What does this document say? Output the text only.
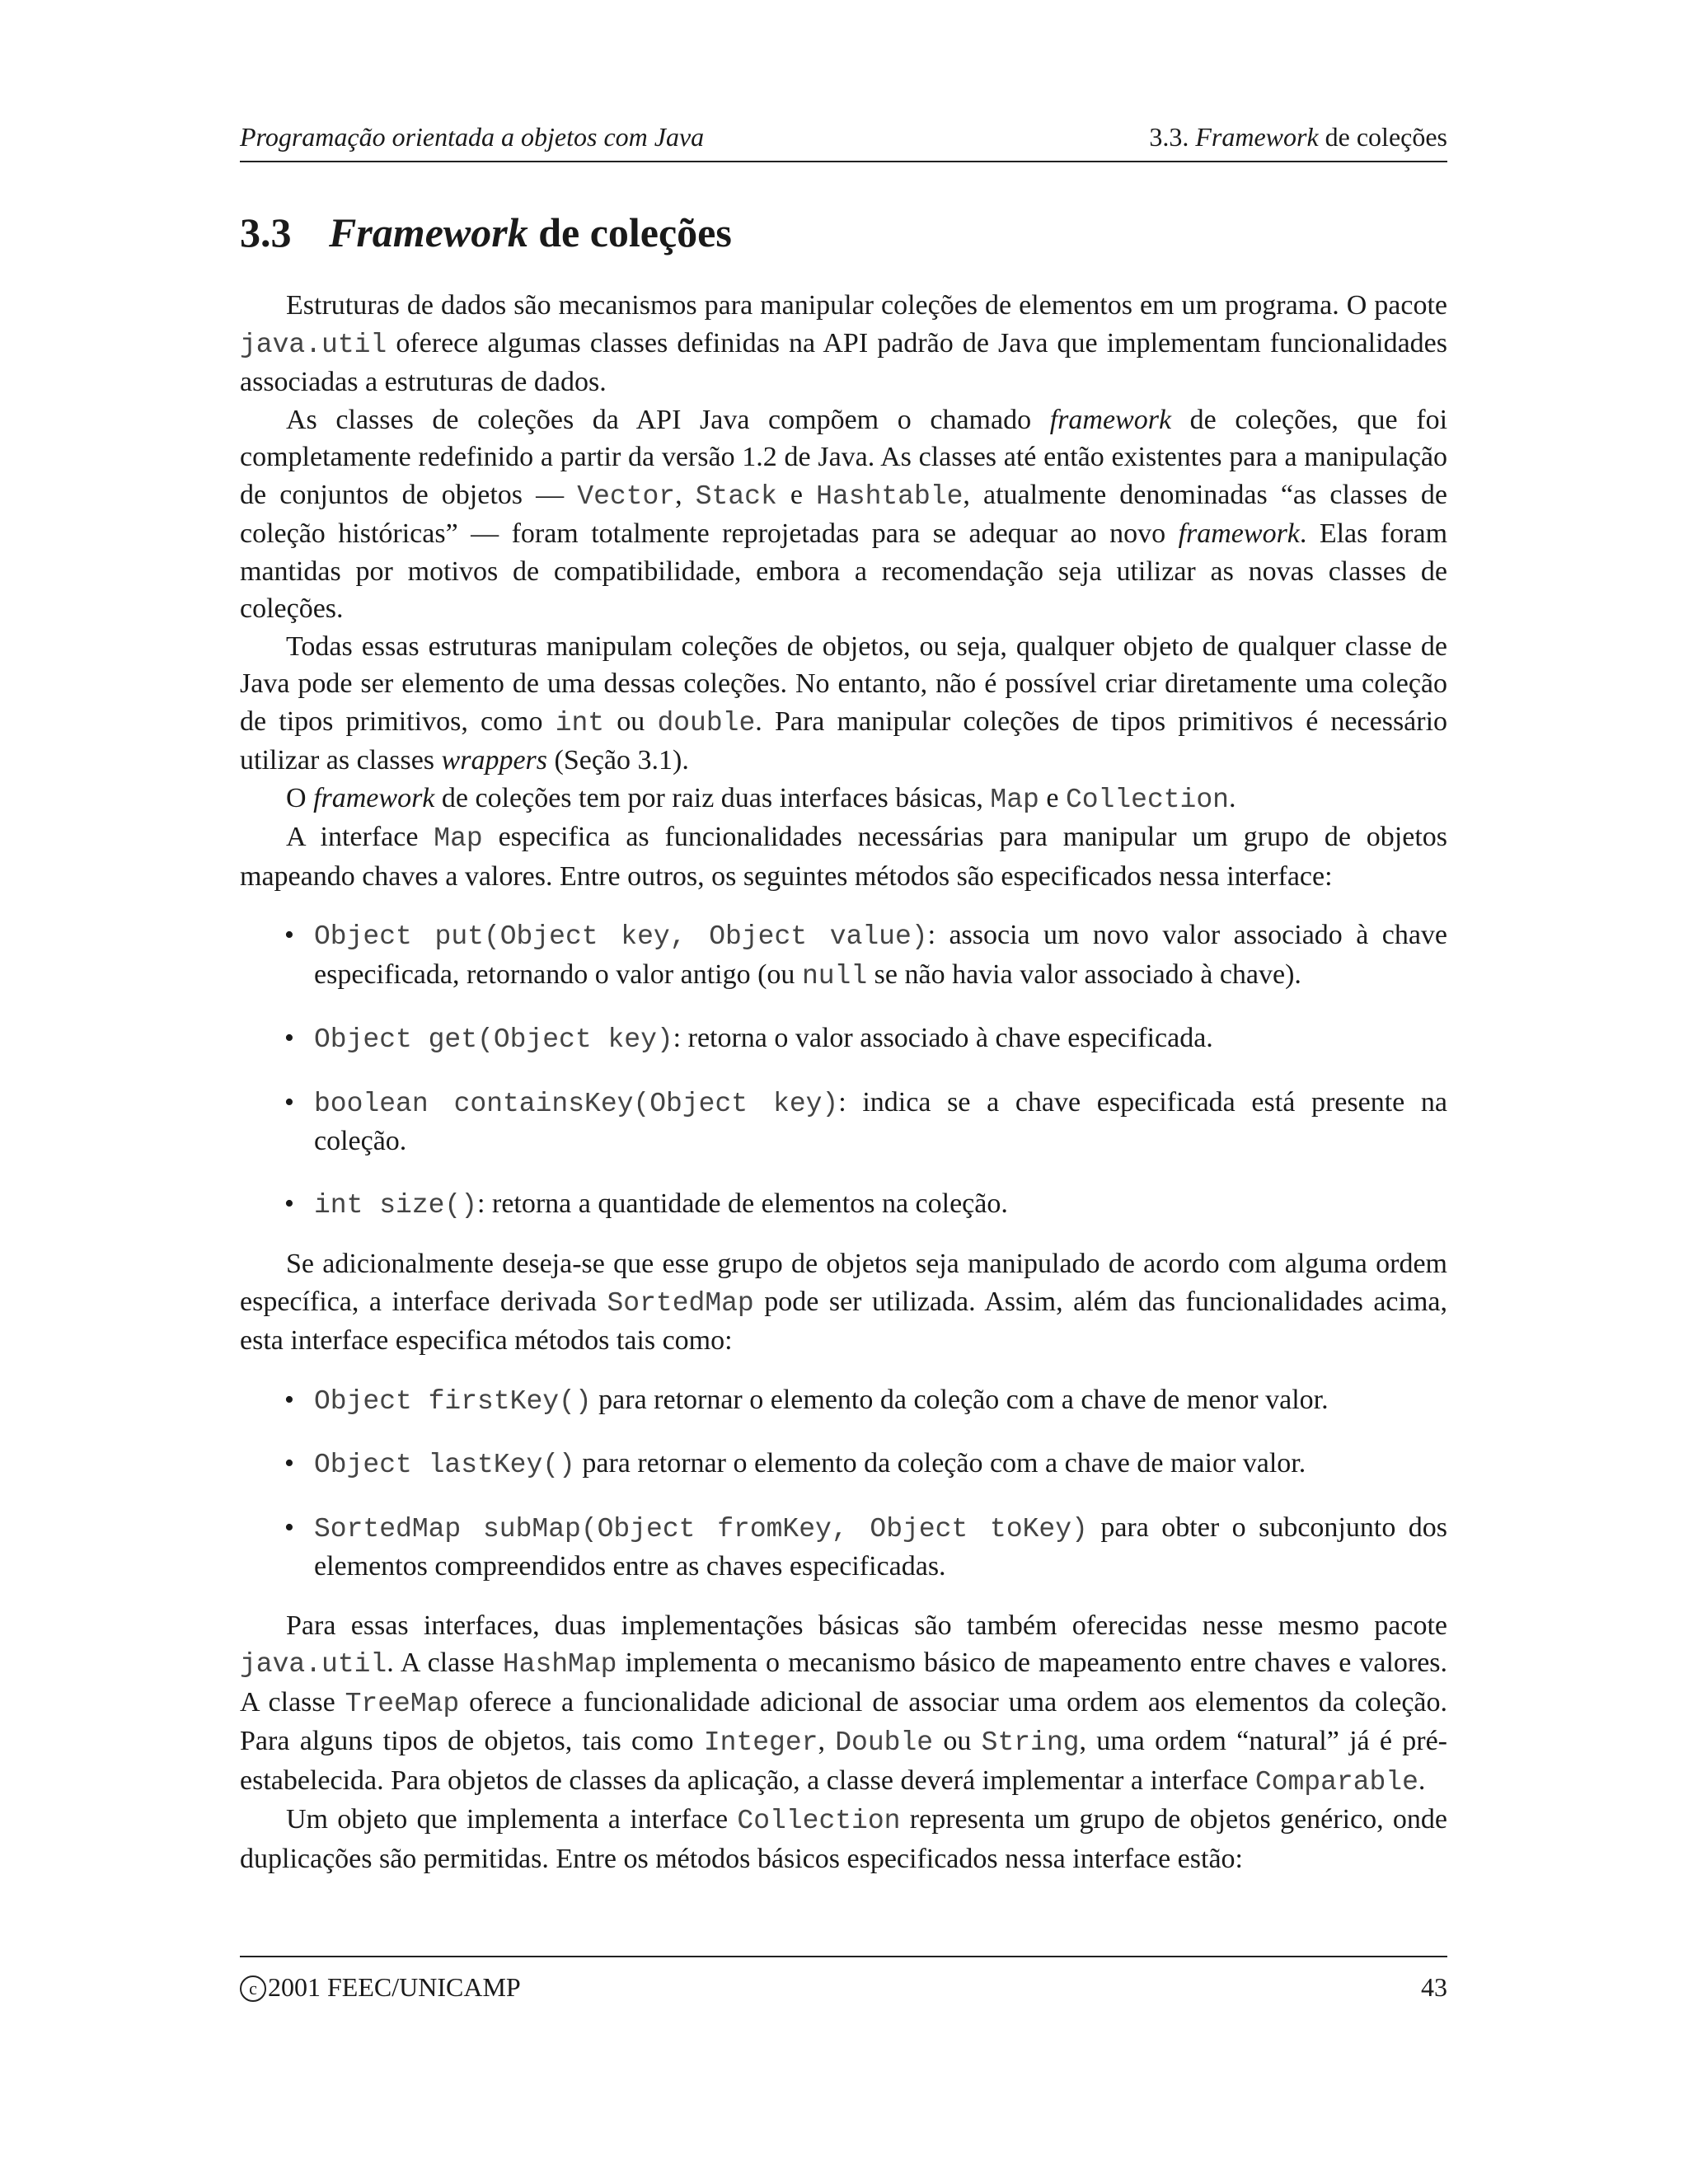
Programação orientada a objetos com Java	3.3. Framework de coleções
3.3 Framework de coleções

Estruturas de dados são mecanismos para manipular coleções de elementos em um programa. O pacote java.util oferece algumas classes definidas na API padrão de Java que implementam funcionalidades associadas a estruturas de dados.

As classes de coleções da API Java compõem o chamado framework de coleções, que foi completamente redefinido a partir da versão 1.2 de Java. As classes até então existentes para a manipulação de conjuntos de objetos — Vector, Stack e Hashtable, atualmente denominadas “as classes de coleção históricas” — foram totalmente reprojetadas para se adequar ao novo framework. Elas foram mantidas por motivos de compatibilidade, embora a recomendação seja utilizar as novas classes de coleções.

Todas essas estruturas manipulam coleções de objetos, ou seja, qualquer objeto de qualquer classe de Java pode ser elemento de uma dessas coleções. No entanto, não é possível criar diretamente uma coleção de tipos primitivos, como int ou double. Para manipular coleções de tipos primitivos é necessário utilizar as classes wrappers (Seção 3.1).

O framework de coleções tem por raiz duas interfaces básicas, Map e Collection.

A interface Map especifica as funcionalidades necessárias para manipular um grupo de objetos mapeando chaves a valores. Entre outros, os seguintes métodos são especificados nessa interface:

• Object put(Object key, Object value): associa um novo valor associado à chave especificada, retornando o valor antigo (ou null se não havia valor associado à chave).
• Object get(Object key): retorna o valor associado à chave especificada.
• boolean containsKey(Object key): indica se a chave especificada está presente na coleção.
• int size(): retorna a quantidade de elementos na coleção.

Se adicionalmente deseja-se que esse grupo de objetos seja manipulado de acordo com alguma ordem específica, a interface derivada SortedMap pode ser utilizada. Assim, além das funcionalidades acima, esta interface especifica métodos tais como:

• Object firstKey() para retornar o elemento da coleção com a chave de menor valor.
• Object lastKey() para retornar o elemento da coleção com a chave de maior valor.
• SortedMap subMap(Object fromKey, Object toKey) para obter o subconjunto dos elementos compreendidos entre as chaves especificadas.

Para essas interfaces, duas implementações básicas são também oferecidas nesse mesmo pacote java.util. A classe HashMap implementa o mecanismo básico de mapeamento entre chaves e valores. A classe TreeMap oferece a funcionalidade adicional de associar uma ordem aos elementos da coleção. Para alguns tipos de objetos, tais como Integer, Double ou String, uma ordem “natural” já é pré-estabelecida. Para objetos de classes da aplicação, a classe deverá implementar a interface Comparable.

Um objeto que implementa a interface Collection representa um grupo de objetos genérico, onde duplicações são permitidas. Entre os métodos básicos especificados nessa interface estão:

c 2001 FEEC/UNICAMP	43
